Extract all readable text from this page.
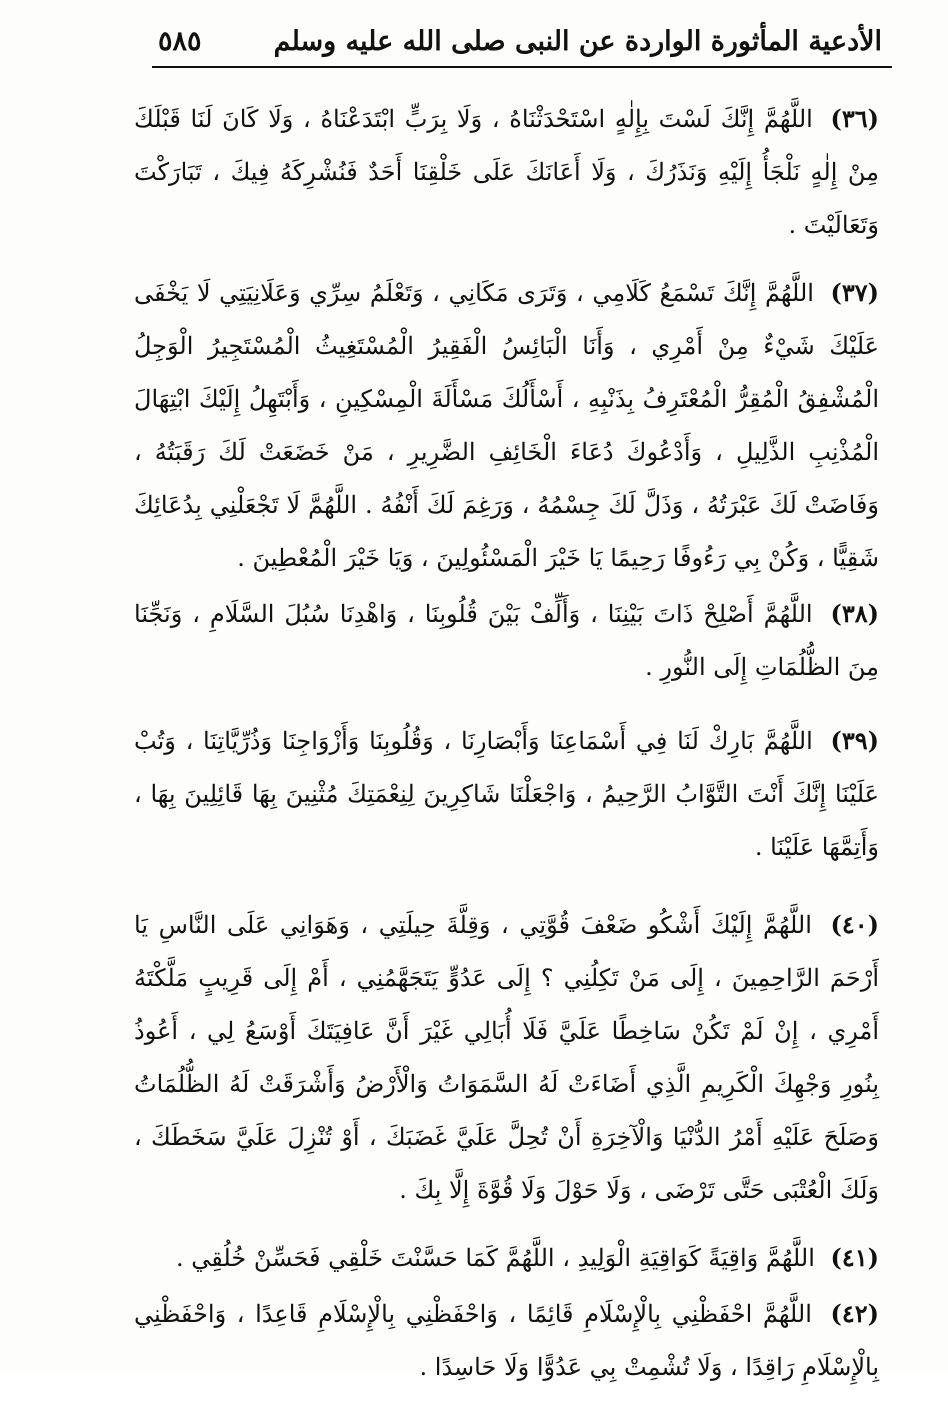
الأدعية المأثورة الواردة عن النبى صلى الله عليه وسلم
٥٨٥

(٣٦) اللَّهُمَّ إِنَّكَ لَسْتَ بِإِلٰهٍ اسْتَحْدَثْنَاهُ ، وَلَا بِرَبٍّ ابْتَدَعْنَاهُ ، وَلَا كَانَ لَنَا قَبْلَكَ مِنْ إِلٰهٍ نَلْجَأُ إِلَيْهِ وَنَذَرُكَ ، وَلَا أَعَانَكَ عَلَى خَلْقِنَا أَحَدٌ فَنُشْرِكَهُ فِيكَ ، تَبَارَكْتَ وَتَعَالَيْتَ .

(٣٧) اللَّهُمَّ إِنَّكَ تَسْمَعُ كَلَامِي ، وَتَرَى مَكَانِي ، وَتَعْلَمُ سِرِّي وَعَلَانِيَتِي لَا يَخْفَى عَلَيْكَ شَيْءٌ مِنْ أَمْرِي ، وَأَنَا الْبَائِسُ الْفَقِيرُ الْمُسْتَغِيثُ الْمُسْتَجِيرُ الْوَجِلُ الْمُشْفِقُ الْمُقِرُّ الْمُعْتَرِفُ بِذَنْبِهِ ، أَسْأَلُكَ مَسْأَلَةَ الْمِسْكِينِ ، وَأَبْتَهِلُ إِلَيْكَ ابْتِهَالَ الْمُذْنِبِ الذَّلِيلِ ، وَأَدْعُوكَ دُعَاءَ الْخَائِفِ الضَّرِيرِ ، مَنْ خَضَعَتْ لَكَ رَقَبَتُهُ ، وَفَاضَتْ لَكَ عَبْرَتُهُ ، وَذَلَّ لَكَ جِسْمُهُ ، وَرَغِمَ لَكَ أَنْفُهُ . اللَّهُمَّ لَا تَجْعَلْنِي بِدُعَائِكَ شَقِيًّا ، وَكُنْ بِي رَءُوفًا رَحِيمًا يَا خَيْرَ الْمَسْئُولِينَ ، وَيَا خَيْرَ الْمُعْطِينَ .

(٣٨) اللَّهُمَّ أَصْلِحْ ذَاتَ بَيْنِنَا ، وَأَلِّفْ بَيْنَ قُلُوبِنَا ، وَاهْدِنَا سُبُلَ السَّلَامِ ، وَنَجِّنَا مِنَ الظُّلُمَاتِ إِلَى النُّورِ .

(٣٩) اللَّهُمَّ بَارِكْ لَنَا فِي أَسْمَاعِنَا وَأَبْصَارِنَا ، وَقُلُوبِنَا وَأَزْوَاجِنَا وَذُرِّيَّاتِنَا ، وَتُبْ عَلَيْنَا إِنَّكَ أَنْتَ التَّوَّابُ الرَّحِيمُ ، وَاجْعَلْنَا شَاكِرِينَ لِنِعْمَتِكَ مُثْنِينَ بِهَا قَائِلِينَ بِهَا ، وَأَتِمَّهَا عَلَيْنَا .

(٤٠) اللَّهُمَّ إِلَيْكَ أَشْكُو ضَعْفَ قُوَّتِي ، وَقِلَّةَ حِيلَتِي ، وَهَوَانِي عَلَى النَّاسِ يَا أَرْحَمَ الرَّاحِمِينَ ، إِلَى مَنْ تَكِلُنِي ؟ إِلَى عَدُوٍّ يَتَجَهَّمُنِي ، أَمْ إِلَى قَرِيبٍ مَلَّكْتَهُ أَمْرِي ، إِنْ لَمْ تَكُنْ سَاخِطًا عَلَيَّ فَلَا أُبَالِي غَيْرَ أَنَّ عَافِيَتَكَ أَوْسَعُ لِي ، أَعُوذُ بِنُورِ وَجْهِكَ الْكَرِيمِ الَّذِي أَضَاءَتْ لَهُ السَّمَوَاتُ وَالْأَرْضُ وَأَشْرَقَتْ لَهُ الظُّلُمَاتُ وَصَلَحَ عَلَيْهِ أَمْرُ الدُّنْيَا وَالْآخِرَةِ أَنْ تُحِلَّ عَلَيَّ غَضَبَكَ ، أَوْ تُنْزِلَ عَلَيَّ سَخَطَكَ ، وَلَكَ الْعُتْبَى حَتَّى تَرْضَى ، وَلَا حَوْلَ وَلَا قُوَّةَ إِلَّا بِكَ .

(٤١) اللَّهُمَّ وَاقِيَةً كَوَاقِيَةِ الْوَلِيدِ ، اللَّهُمَّ كَمَا حَسَّنْتَ خَلْقِي فَحَسِّنْ خُلُقِي .

(٤٢) اللَّهُمَّ احْفَظْنِي بِالْإِسْلَامِ قَائِمًا ، وَاحْفَظْنِي بِالْإِسْلَامِ قَاعِدًا ، وَاحْفَظْنِي بِالْإِسْلَامِ رَاقِدًا ، وَلَا تُشْمِتْ بِي عَدُوًّا وَلَا حَاسِدًا .
